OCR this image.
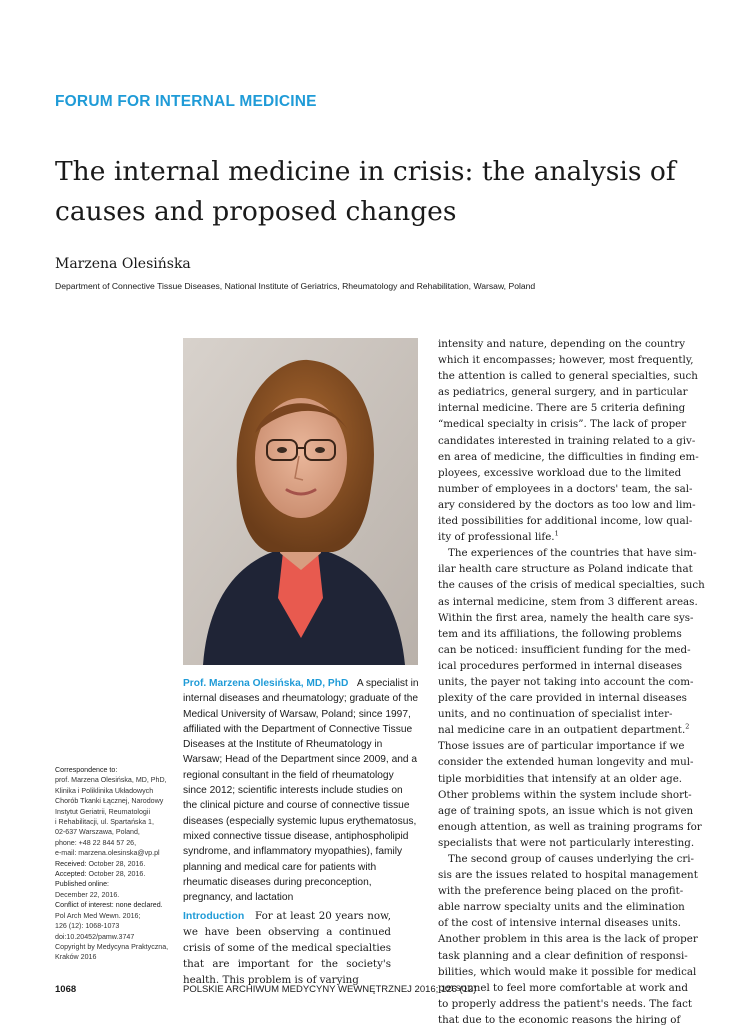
FORUM FOR INTERNAL MEDICINE
The internal medicine in crisis: the analysis of causes and proposed changes
Marzena Olesińska
Department of Connective Tissue Diseases, National Institute of Geriatrics, Rheumatology and Rehabilitation, Warsaw, Poland
Prof. Marzena Olesińska, MD, PhD A specialist in internal diseases and rheumatology; graduate of the Medical University of Warsaw, Poland; since 1997, affiliated with the Department of Connective Tissue Diseases at the Institute of Rheumatology in Warsaw; Head of the Department since 2009, and a regional consultant in the field of rheumatology since 2012; scientific interests include studies on the clinical picture and course of connective tissue diseases (especially systemic lupus erythematosus, mixed connective tissue disease, antiphospholipid syndrome, and inflammatory myopathies), family planning and medical care for patients with rheumatic diseases during preconception, pregnancy, and lactation
Correspondence to:
prof. Marzena Olesińska, MD, PhD,
Klinika i Poliklinika Układowych
Chorób Tkanki Łącznej, Narodowy
Instytut Geriatrii, Reumatologii
i Rehabilitacji, ul. Spartańska 1,
02-637 Warszawa, Poland,
phone: +48 22 844 57 26,
e-mail: marzena.olesinska@vp.pl
Received: October 28, 2016.
Accepted: October 28, 2016.
Published online:
December 22, 2016.
Conflict of interest: none declared.
Pol Arch Med Wewn. 2016;
126 (12): 1068-1073
doi:10.20452/pamw.3747
Copyright by Medycyna Praktyczna,
Kraków 2016
Introduction For at least 20 years now, we have been observing a continued crisis of some of the medical specialties that are important for the society's health. This problem is of varying
intensity and nature, depending on the country
which it encompasses; however, most frequently,
the attention is called to general specialties, such
as pediatrics, general surgery, and in particular
internal medicine. There are 5 criteria defining
“medical specialty in crisis”. The lack of proper
candidates interested in training related to a giv-
en area of medicine, the difficulties in finding em-
ployees, excessive workload due to the limited
number of employees in a doctors' team, the sal-
ary considered by the doctors as too low and lim-
ited possibilities for additional income, low qual-
ity of professional life.$^1$
The experiences of the countries that have sim-
ilar health care structure as Poland indicate that
the causes of the crisis of medical specialties, such
as internal medicine, stem from 3 different areas.
Within the first area, namely the health care sys-
tem and its affiliations, the following problems
can be noticed: insufficient funding for the med-
ical procedures performed in internal diseases
units, the payer not taking into account the com-
plexity of the care provided in internal diseases
units, and no continuation of specialist inter-
nal medicine care in an outpatient department.$^2$
Those issues are of particular importance if we
consider the extended human longevity and mul-
tiple morbidities that intensify at an older age.
Other problems within the system include short-
age of training spots, an issue which is not given
enough attention, as well as training programs for
specialists that were not particularly interesting.
The second group of causes underlying the cri-
sis are the issues related to hospital management
with the preference being placed on the profit-
able narrow specialty units and the elimination
of the cost of intensive internal diseases units.
Another problem in this area is the lack of proper
task planning and a clear definition of responsi-
bilities, which would make it possible for medical
personnel to feel more comfortable at work and
to properly address the patient's needs. The fact
that due to the economic reasons the hiring of
1068	POLSKIE ARCHIWUM MEDYCYNY WEWNĘTRZNEJ 2016; 126 (12)
